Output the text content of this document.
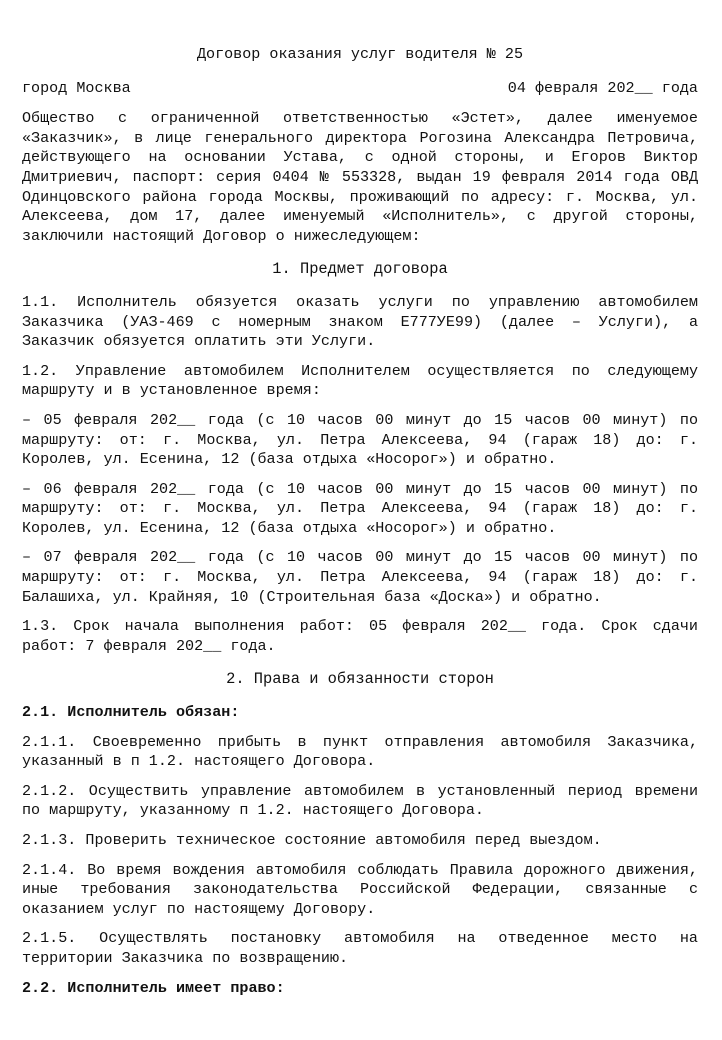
Договор оказания услуг водителя № 25
город Москва	04 февраля 202__ года

Общество с ограниченной ответственностью «Эстет», далее именуемое «Заказчик», в лице генерального директора Рогозина Александра Петровича, действующего на основании Устава, с одной стороны, и Егоров Виктор Дмитриевич, паспорт: серия 0404 № 553328, выдан 19 февраля 2014 года ОВД Одинцовского района города Москвы, проживающий по адресу: г. Москва, ул. Алексеева, дом 17, далее именуемый «Исполнитель», с другой стороны, заключили настоящий Договор о нижеследующем:

1. Предмет договора

1.1. Исполнитель обязуется оказать услуги по управлению автомобилем Заказчика (УАЗ-469 с номерным знаком Е777УЕ99) (далее – Услуги), а Заказчик обязуется оплатить эти Услуги.

1.2. Управление автомобилем Исполнителем осуществляется по следующему маршруту и в установленное время:

– 05 февраля 202__ года (с 10 часов 00 минут до 15 часов 00 минут) по маршруту: от: г. Москва, ул. Петра Алексеева, 94 (гараж 18) до: г. Королев, ул. Есенина, 12 (база отдыха «Носорог») и обратно.

– 06 февраля 202__ года (с 10 часов 00 минут до 15 часов 00 минут) по маршруту: от: г. Москва, ул. Петра Алексеева, 94 (гараж 18) до: г. Королев, ул. Есенина, 12 (база отдыха «Носорог») и обратно.

– 07 февраля 202__ года (с 10 часов 00 минут до 15 часов 00 минут) по маршруту: от: г. Москва, ул. Петра Алексеева, 94 (гараж 18) до: г. Балашиха, ул. Крайняя, 10 (Строительная база «Доска») и обратно.

1.3. Срок начала выполнения работ: 05 февраля 202__ года. Срок сдачи работ: 7 февраля 202__ года.

2. Права и обязанности сторон

2.1. Исполнитель обязан:

2.1.1. Своевременно прибыть в пункт отправления автомобиля Заказчика, указанный в п 1.2. настоящего Договора.

2.1.2. Осуществить управление автомобилем в установленный период времени по маршруту, указанному п 1.2. настоящего Договора.

2.1.3. Проверить техническое состояние автомобиля перед выездом.

2.1.4. Во время вождения автомобиля соблюдать Правила дорожного движения, иные требования законодательства Российской Федерации, связанные с оказанием услуг по настоящему Договору.

2.1.5. Осуществлять постановку автомобиля на отведенное место на территории Заказчика по возвращению.

2.2. Исполнитель имеет право:
